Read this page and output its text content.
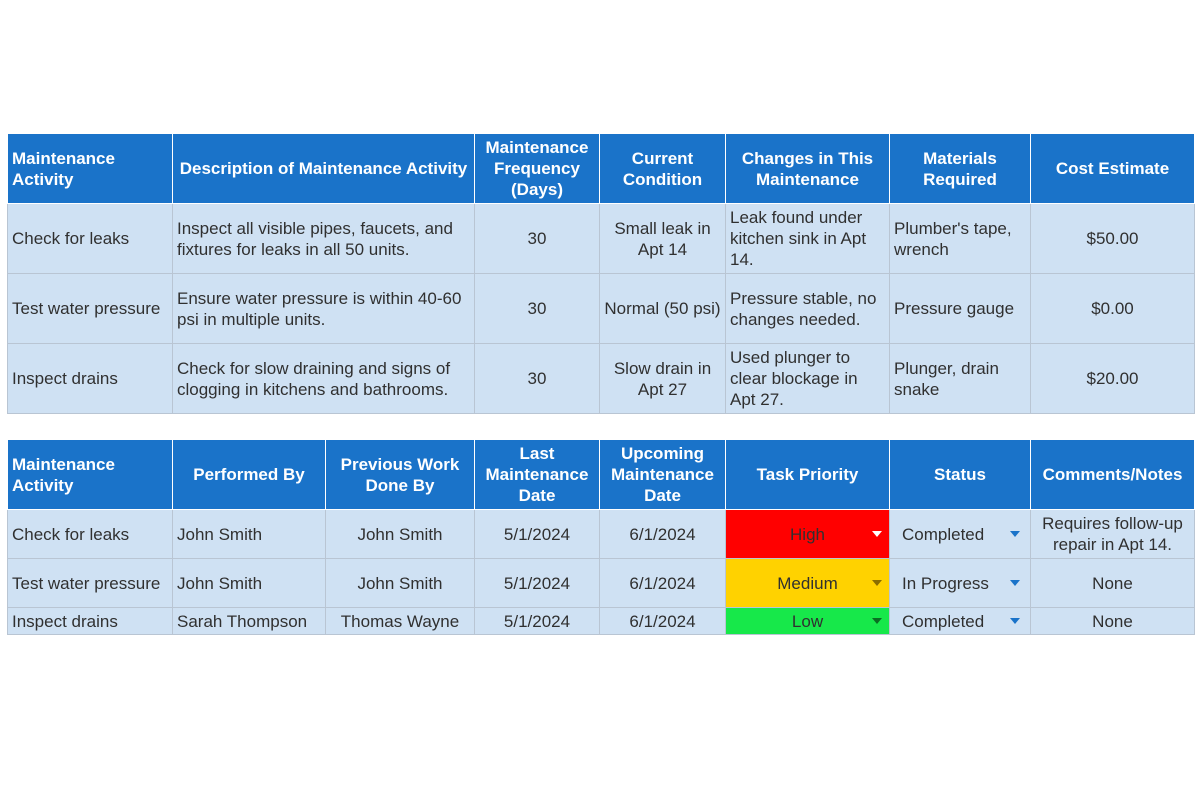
Maintenance Activity	Description of Maintenance Activity	Maintenance Frequency (Days)	Current Condition	Changes in This Maintenance	Materials Required	Cost Estimate
Check for leaks	Inspect all visible pipes, faucets, and fixtures for leaks in all 50 units.	30	Small leak in Apt 14	Leak found under kitchen sink in Apt 14.	Plumber's tape, wrench	$50.00
Test water pressure	Ensure water pressure is within 40-60 psi in multiple units.	30	Normal (50 psi)	Pressure stable, no changes needed.	Pressure gauge	$0.00
Inspect drains	Check for slow draining and signs of clogging in kitchens and bathrooms.	30	Slow drain in Apt 27	Used plunger to clear blockage in Apt 27.	Plunger, drain snake	$20.00
Maintenance Activity	Performed By	Previous Work Done By	Last Maintenance Date	Upcoming Maintenance Date	Task Priority	Status	Comments/Notes
Check for leaks	John Smith	John Smith	5/1/2024	6/1/2024	High	Completed	Requires follow-up repair in Apt 14.
Test water pressure	John Smith	John Smith	5/1/2024	6/1/2024	Medium	In Progress	None
Inspect drains	Sarah Thompson	Thomas Wayne	5/1/2024	6/1/2024	Low	Completed	None
